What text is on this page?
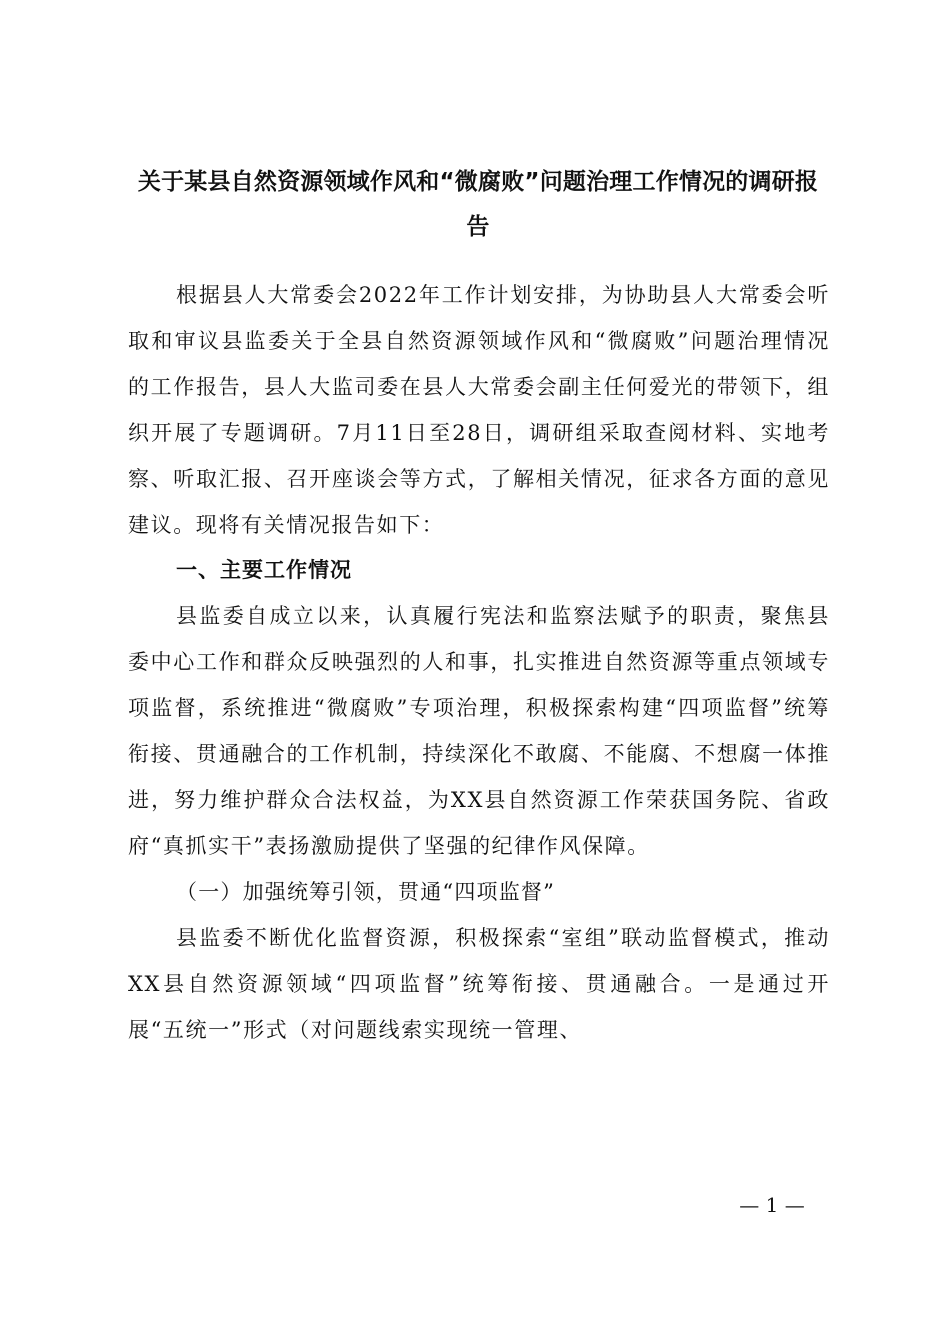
关于某县自然资源领域作风和“微腐败”问题治理工作情况的调研报告

根据县人大常委会2022年工作计划安排，为协助县人大常委会听取和审议县监委关于全县自然资源领域作风和“微腐败”问题治理情况的工作报告，县人大监司委在县人大常委会副主任何爱光的带领下，组织开展了专题调研。7月11日至28日，调研组采取查阅材料、实地考察、听取汇报、召开座谈会等方式，了解相关情况，征求各方面的意见建议。现将有关情况报告如下：

一、主要工作情况

县监委自成立以来，认真履行宪法和监察法赋予的职责，聚焦县委中心工作和群众反映强烈的人和事，扎实推进自然资源等重点领域专项监督，系统推进“微腐败”专项治理，积极探索构建“四项监督”统筹衔接、贯通融合的工作机制，持续深化不敢腐、不能腐、不想腐一体推进，努力维护群众合法权益，为XX县自然资源工作荣获国务院、省政府“真抓实干”表扬激励提供了坚强的纪律作风保障。

（一）加强统筹引领，贯通“四项监督”

县监委不断优化监督资源，积极探索“室组”联动监督模式，推动XX县自然资源领域“四项监督”统筹衔接、贯通融合。一是通过开展“五统一”形式（对问题线索实现统一管理、

— 1 —
